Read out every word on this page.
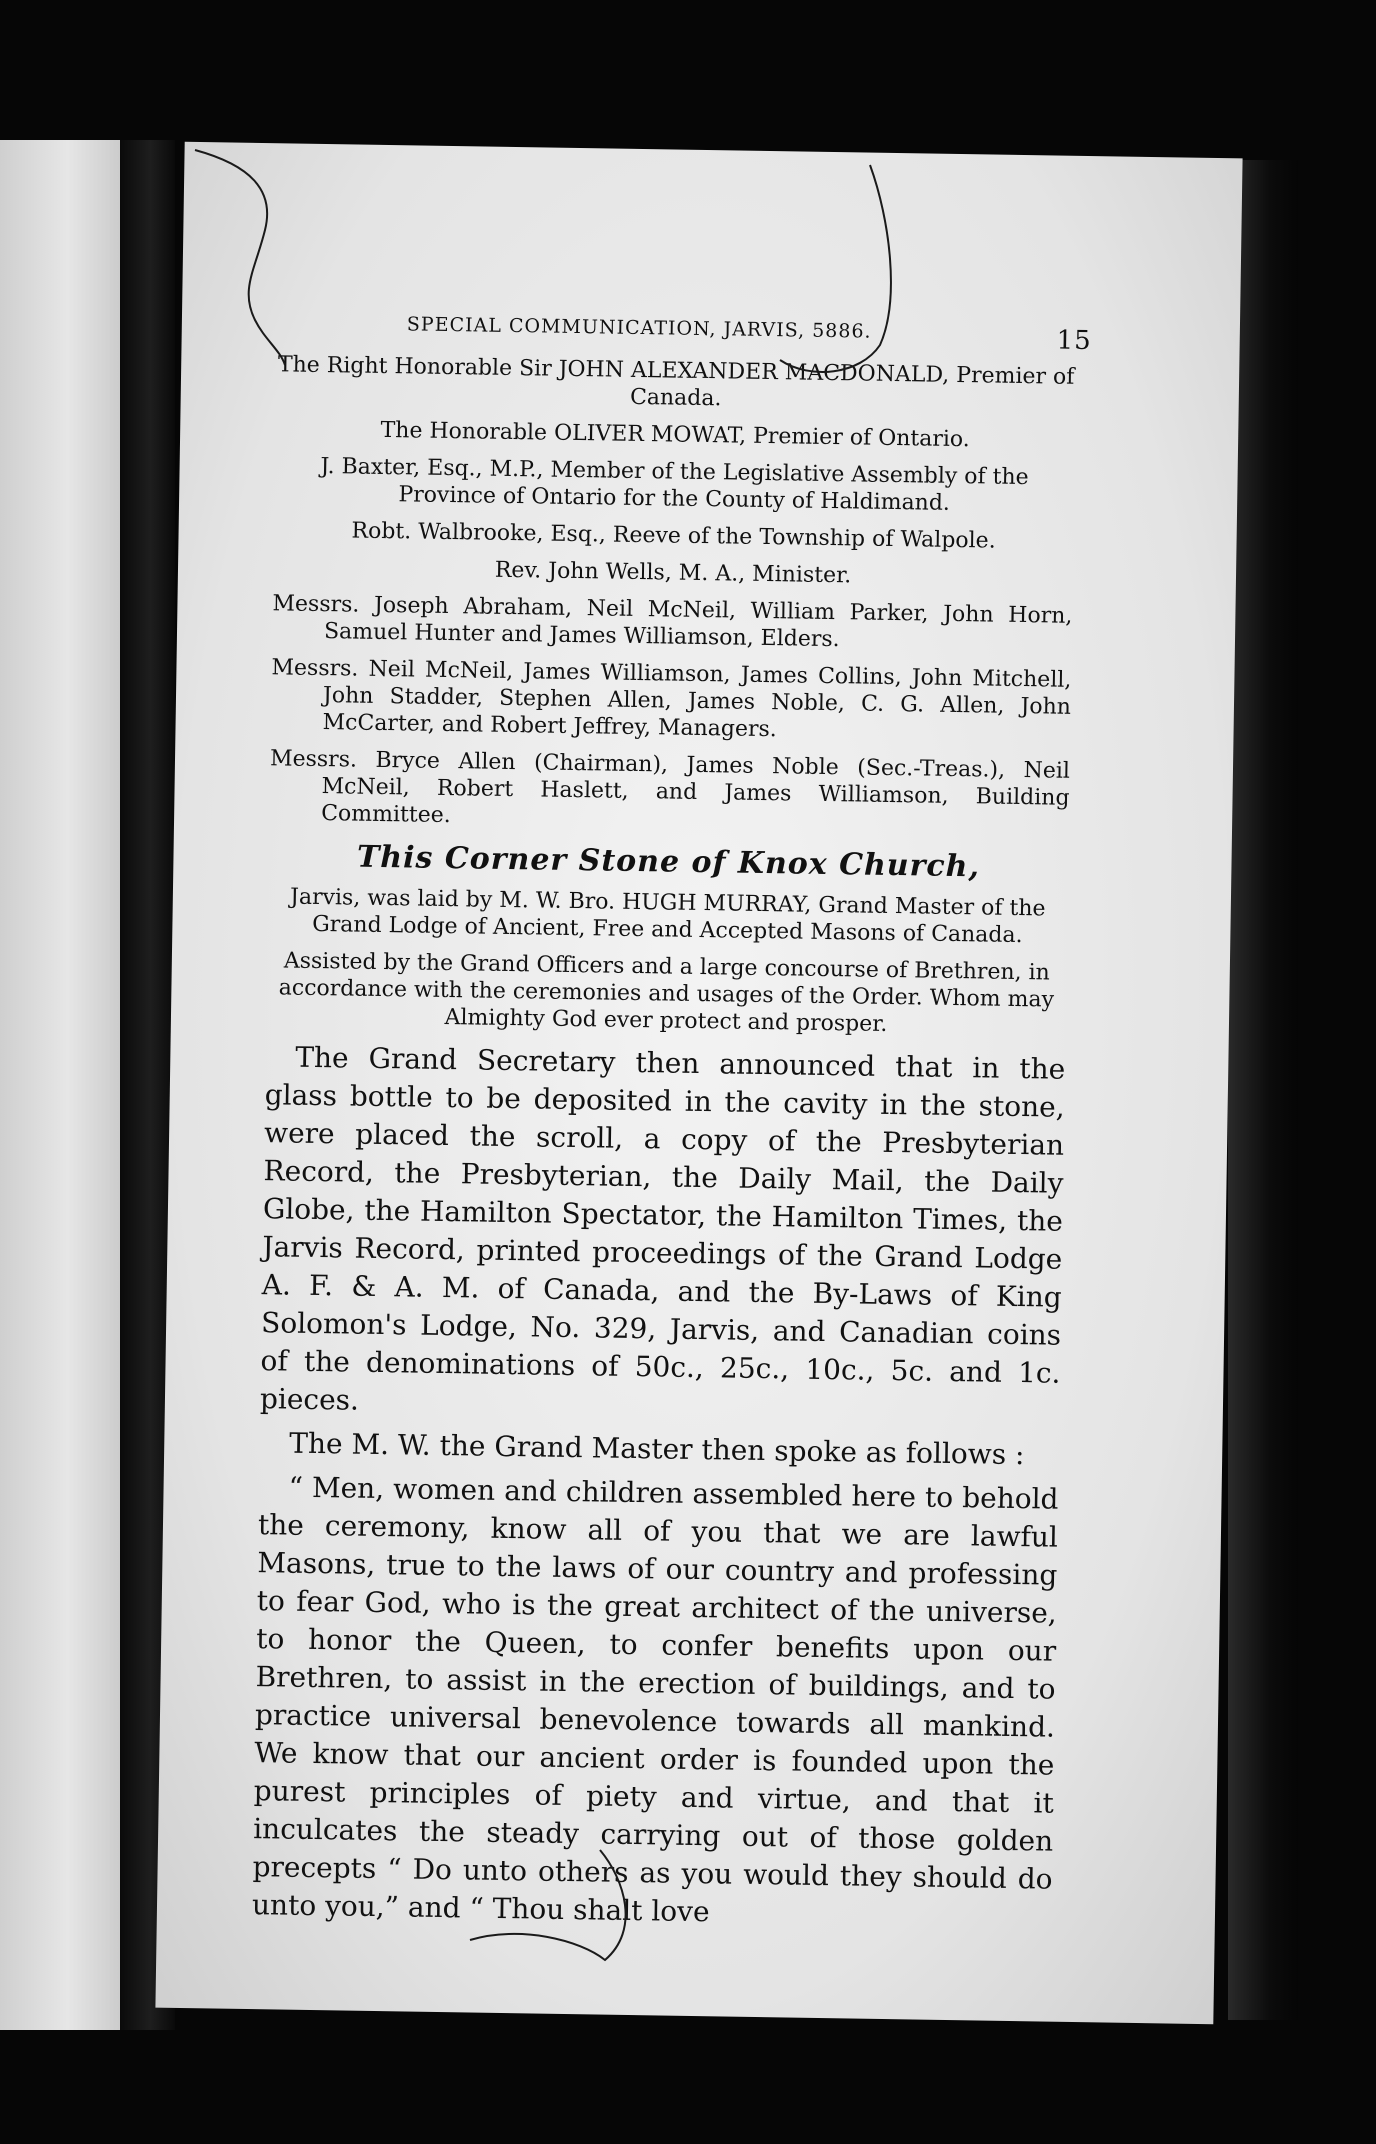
SPECIAL COMMUNICATION, JARVIS, 5886.	15

The Right Honorable Sir JOHN ALEXANDER MACDONALD, Premier of Canada.

The Honorable OLIVER MOWAT, Premier of Ontario.

J. Baxter, Esq., M.P., Member of the Legislative Assembly of the Province of Ontario for the County of Haldimand.

Robt. Walbrooke, Esq., Reeve of the Township of Walpole.

Rev. John Wells, M. A., Minister.

Messrs. Joseph Abraham, Neil McNeil, William Parker, John Horn, Samuel Hunter and James Williamson, Elders.

Messrs. Neil McNeil, James Williamson, James Collins, John Mitchell, John Stadder, Stephen Allen, James Noble, C. G. Allen, John McCarter, and Robert Jeffrey, Managers.

Messrs. Bryce Allen (Chairman), James Noble (Sec.-Treas.), Neil McNeil, Robert Haslett, and James Williamson, Building Committee.

This Corner Stone of Knox Church,

Jarvis, was laid by M. W. Bro. HUGH MURRAY, Grand Master of the Grand Lodge of Ancient, Free and Accepted Masons of Canada.

Assisted by the Grand Officers and a large concourse of Brethren, in accordance with the ceremonies and usages of the Order. Whom may Almighty God ever protect and prosper.

The Grand Secretary then announced that in the glass bottle to be deposited in the cavity in the stone, were placed the scroll, a copy of the Presbyterian Record, the Presbyterian, the Daily Mail, the Daily Globe, the Hamilton Spectator, the Hamilton Times, the Jarvis Record, printed proceedings of the Grand Lodge A. F. & A. M. of Canada, and the By-Laws of King Solomon's Lodge, No. 329, Jarvis, and Canadian coins of the denominations of 50c., 25c., 10c., 5c. and 1c. pieces.

The M. W. the Grand Master then spoke as follows :

“ Men, women and children assembled here to behold the ceremony, know all of you that we are lawful Masons, true to the laws of our country and professing to fear God, who is the great architect of the universe, to honor the Queen, to confer benefits upon our Brethren, to assist in the erection of buildings, and to practice universal benevolence towards all mankind. We know that our ancient order is founded upon the purest principles of piety and virtue, and that it inculcates the steady carrying out of those golden precepts “ Do unto others as you would they should do unto you,” and “ Thou shalt love
